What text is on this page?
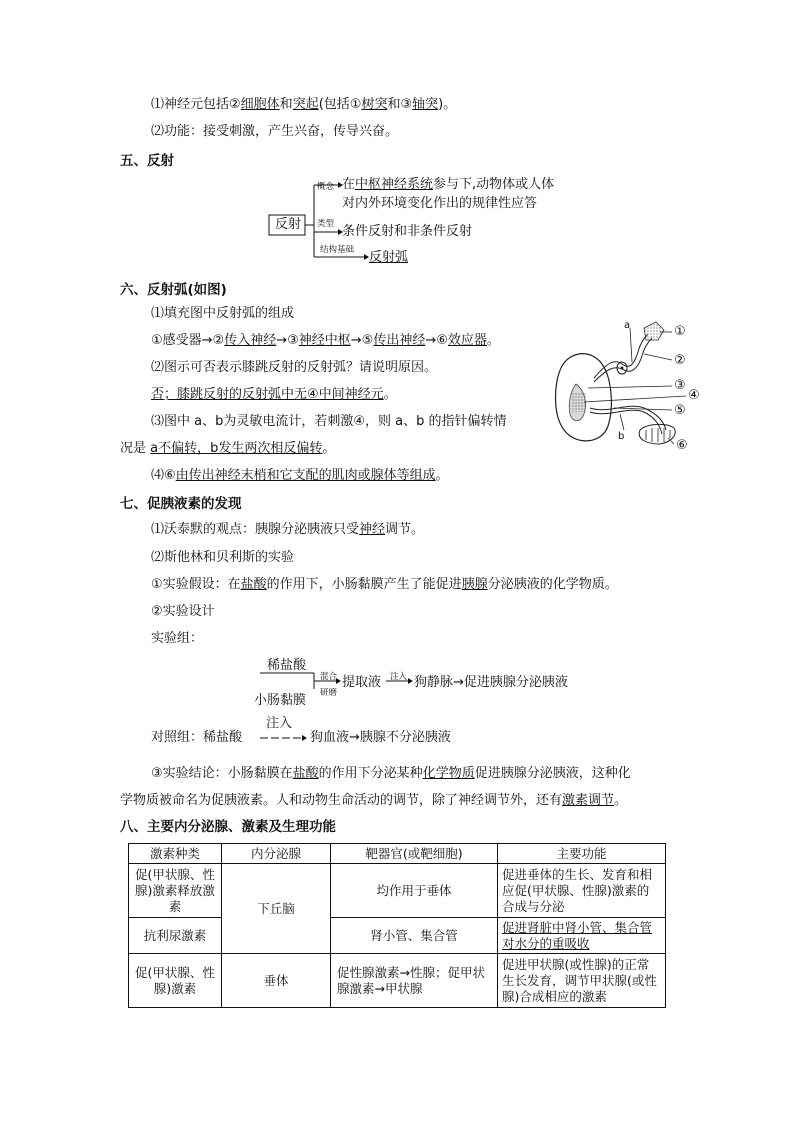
⑴神经元包括②细胞体和突起(包括①树突和③轴突)。
⑵功能：接受刺激，产生兴奋，传导兴奋。
五、反射
反射
概念 在中枢神经系统参与下,动物体或人体
对内外环境变化作出的规律性应答
类型 条件反射和非条件反射
结构基础 反射弧
六、反射弧(如图)
⑴填充图中反射弧的组成
①感受器→②传入神经→③神经中枢→⑤传出神经→⑥效应器。
⑵图示可否表示膝跳反射的反射弧？请说明原因。
否；膝跳反射的反射弧中无④中间神经元。
⑶图中 a、b为灵敏电流计，若刺激④，则 a、b 的指针偏转情
况是 a不偏转，b发生两次相反偏转。
⑷⑥由传出神经末梢和它支配的肌肉或腺体等组成。
a
b
①
②
③
④
⑤
⑥
七、促胰液素的发现
⑴沃泰默的观点：胰腺分泌胰液只受神经调节。
⑵斯他林和贝利斯的实验
①实验假设：在盐酸的作用下，小肠黏膜产生了能促进胰腺分泌胰液的化学物质。
②实验设计
实验组：
稀盐酸
小肠黏膜
混合
研磨
提取液 注入 狗静脉→促进胰腺分泌胰液
对照组：稀盐酸
注入
狗血液→胰腺不分泌胰液
③实验结论：小肠黏膜在盐酸的作用下分泌某种化学物质促进胰腺分泌胰液，这种化
学物质被命名为促胰液素。人和动物生命活动的调节，除了神经调节外，还有激素调节。
八、主要内分泌腺、激素及生理功能
激素种类	内分泌腺	靶器官(或靶细胞)	主要功能
促(甲状腺、性腺)激素释放激素	下丘脑	均作用于垂体	促进垂体的生长、发育和相应促(甲状腺、性腺)激素的合成与分泌
抗利尿激素		肾小管、集合管	促进肾脏中肾小管、集合管对水分的重吸收
促(甲状腺、性腺)激素	垂体	促性腺激素→性腺；促甲状腺激素→甲状腺	促进甲状腺(或性腺)的正常生长发育，调节甲状腺(或性腺)合成相应的激素
